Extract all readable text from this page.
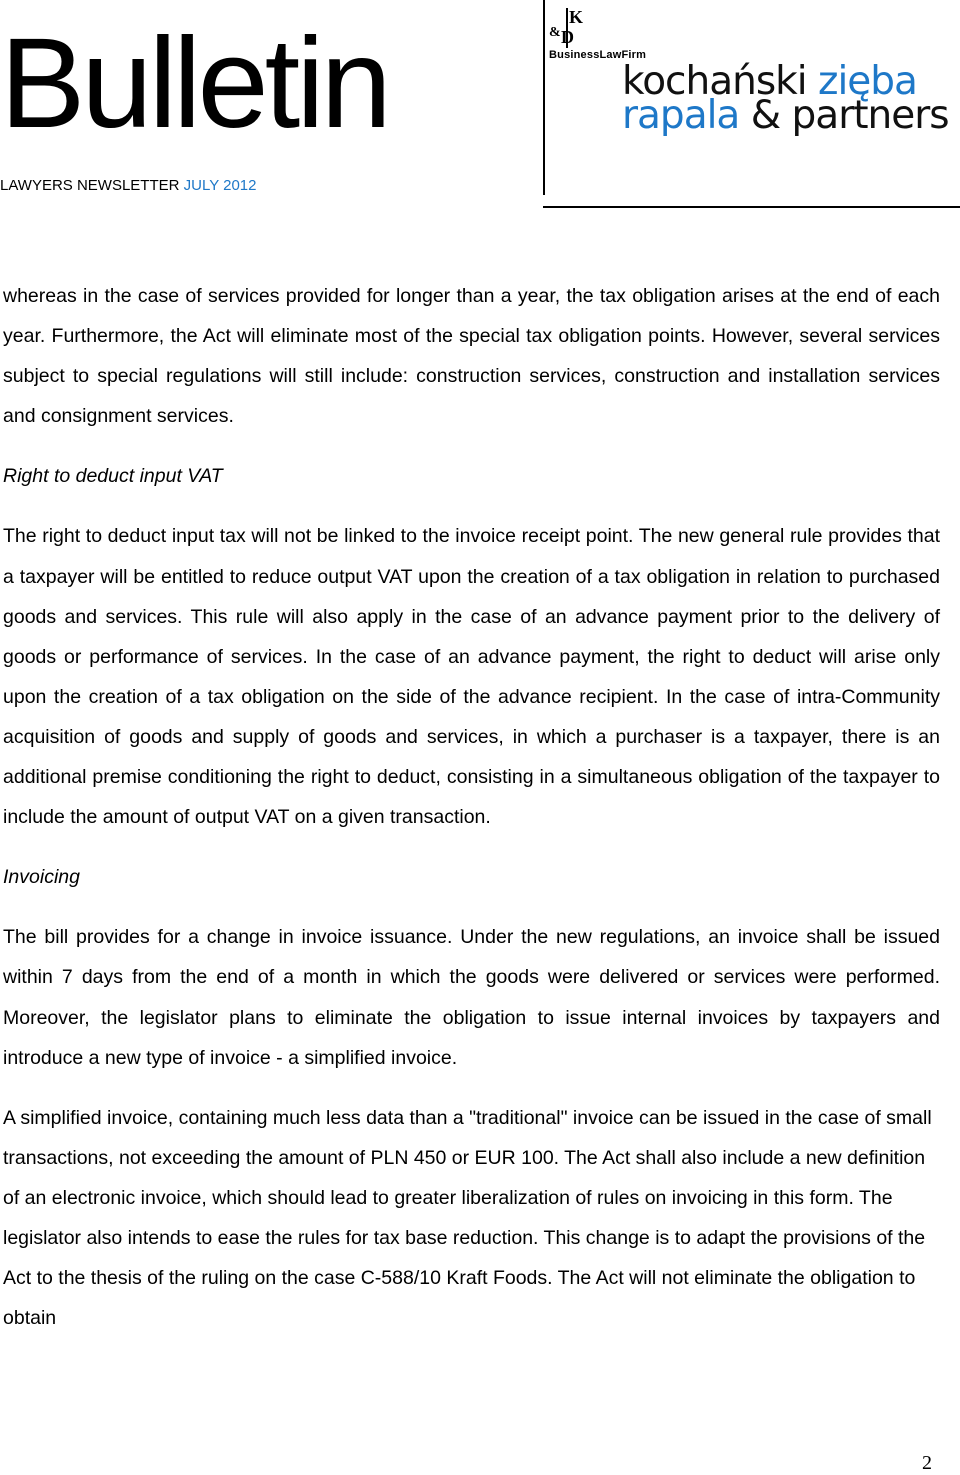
Bulletin
LAWYERS NEWSLETTER JULY 2012
K
& D
BusinessLawFirm
kochański zięba
rapala & partners

whereas in the case of services provided for longer than a year, the tax obligation arises at the end of each year. Furthermore, the Act will eliminate most of the special tax obligation points. However, several services subject to special regulations will still include: construction services, construction and installation services and consignment services.

Right to deduct input VAT

The right to deduct input tax will not be linked to the invoice receipt point. The new general rule provides that a taxpayer will be entitled to reduce output VAT upon the creation of a tax obligation in relation to purchased goods and services. This rule will also apply in the case of an advance payment prior to the delivery of goods or performance of services. In the case of an advance payment, the right to deduct will arise only upon the creation of a tax obligation on the side of the advance recipient. In the case of intra-Community acquisition of goods and supply of goods and services, in which a purchaser is a taxpayer, there is an additional premise conditioning the right to deduct, consisting in a simultaneous obligation of the taxpayer to include the amount of output VAT on a given transaction.

Invoicing

The bill provides for a change in invoice issuance. Under the new regulations, an invoice shall be issued within 7 days from the end of a month in which the goods were delivered or services were performed. Moreover, the legislator plans to eliminate the obligation to issue internal invoices by taxpayers and introduce a new type of invoice - a simplified invoice.

A simplified invoice, containing much less data than a "traditional" invoice can be issued in the case of small transactions, not exceeding the amount of PLN 450 or EUR 100. The Act shall also include a new definition of an electronic invoice, which should lead to greater liberalization of rules on invoicing in this form. The legislator also intends to ease the rules for tax base reduction. This change is to adapt the provisions of the Act to the thesis of the ruling on the case C-588/10 Kraft Foods. The Act will not eliminate the obligation to obtain

2
